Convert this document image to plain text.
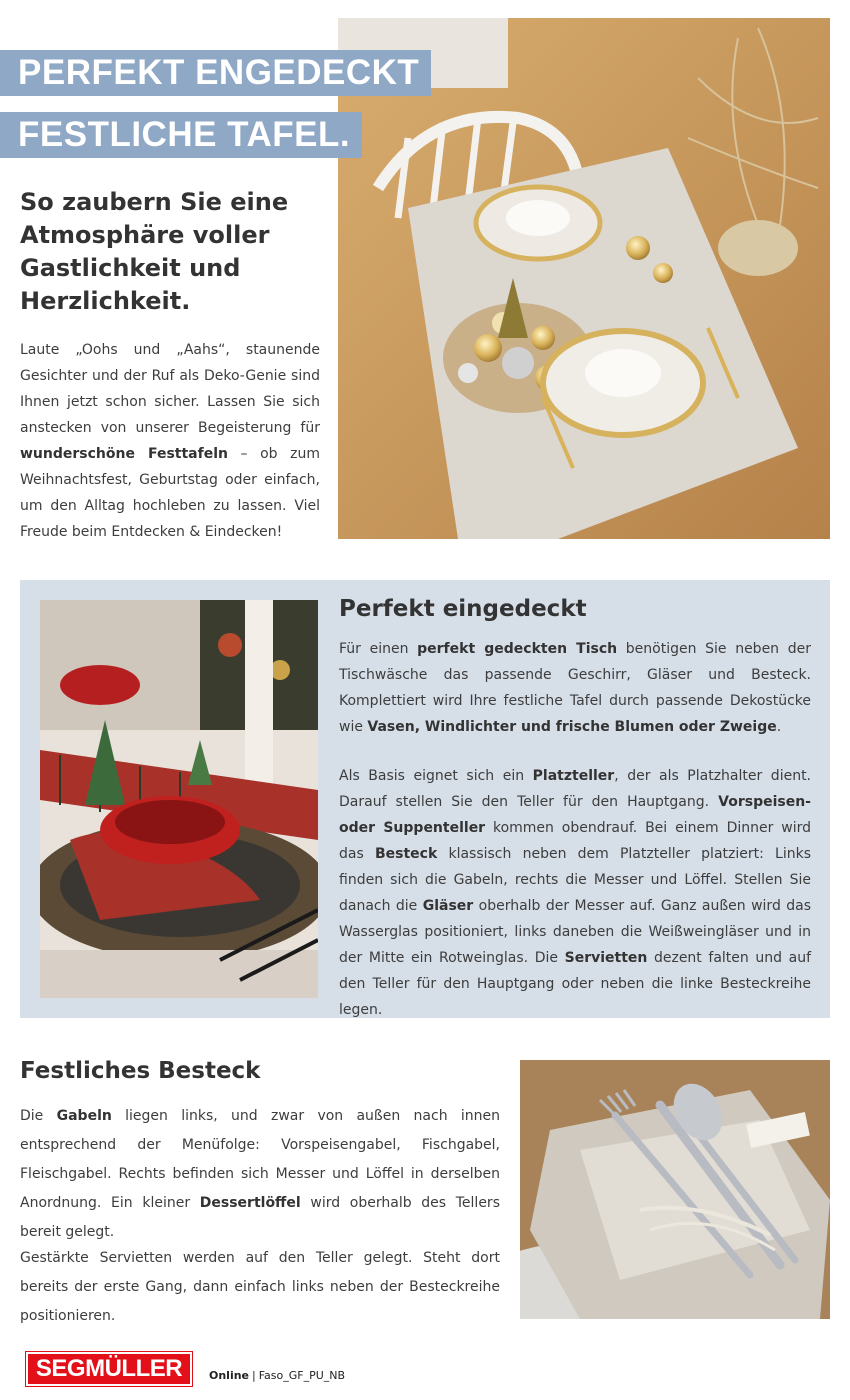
PERFEKT ENGEDECKT
FESTLICHE TAFEL.
So zaubern Sie eine Atmosphäre voller Gastlichkeit und Herzlichkeit.

Laute „Oohs und „Aahs“, staunende Gesichter und der Ruf als Deko-Genie sind Ihnen jetzt schon sicher. Lassen Sie sich anstecken von unserer Begeisterung für wunderschöne Festtafeln – ob zum Weihnachtsfest, Geburtstag oder einfach, um den Alltag hochleben zu lassen. Viel Freude beim Entdecken & Eindecken!

Perfekt eingedeckt

Für einen perfekt gedeckten Tisch benötigen Sie neben der Tischwäsche das passende Geschirr, Gläser und Besteck. Komplettiert wird Ihre festliche Tafel durch passende Dekostücke wie Vasen, Windlichter und frische Blumen oder Zweige.

Als Basis eignet sich ein Platzteller, der als Platzhalter dient. Darauf stellen Sie den Teller für den Hauptgang. Vorspeisen- oder Suppenteller kommen obendrauf. Bei einem Dinner wird das Besteck klassisch neben dem Platzteller platziert: Links finden sich die Gabeln, rechts die Messer und Löffel. Stellen Sie danach die Gläser oberhalb der Messer auf. Ganz außen wird das Wasserglas positioniert, links daneben die Weißweingläser und in der Mitte ein Rotweinglas. Die Servietten dezent falten und auf den Teller für den Hauptgang oder neben die linke Besteckreihe legen.

Festliches Besteck

Die Gabeln liegen links, und zwar von außen nach innen entsprechend der Menüfolge: Vorspeisengabel, Fischgabel, Fleischgabel. Rechts befinden sich Messer und Löffel in derselben Anordnung. Ein kleiner Dessertlöffel wird oberhalb des Tellers bereit gelegt.

Gestärkte Servietten werden auf den Teller gelegt. Steht dort bereits der erste Gang, dann einfach links neben der Besteckreihe positionieren.

SEGMÜLLER	Online | Faso_GF_PU_NB
